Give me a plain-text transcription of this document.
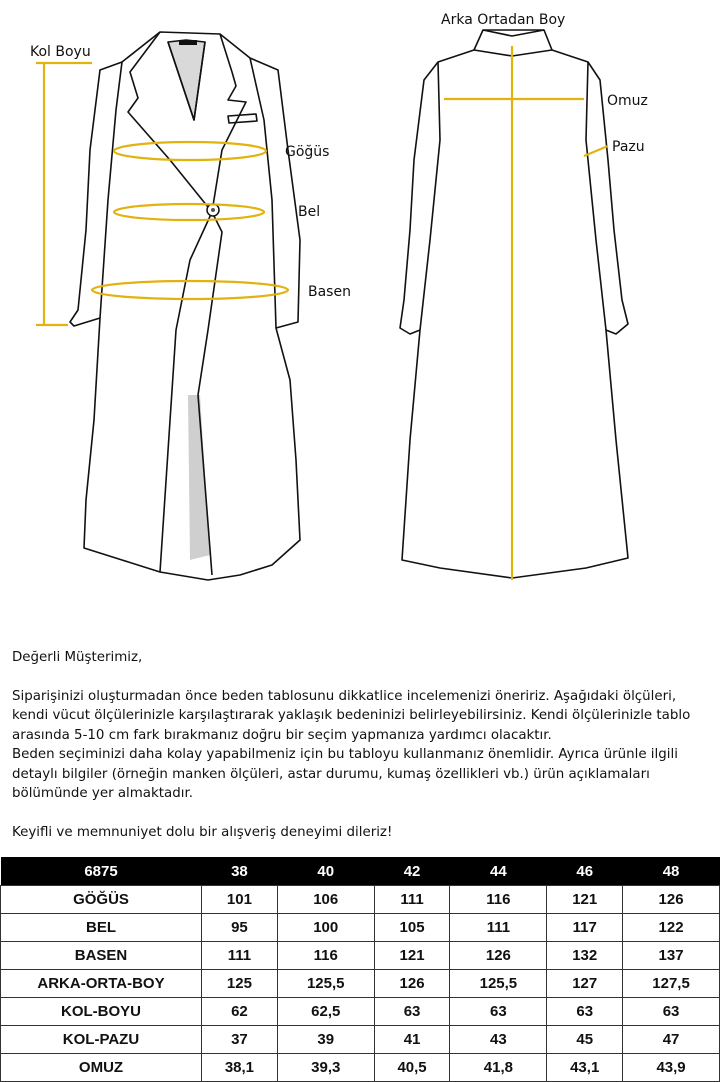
Kol Boyu
Göğüs
Bel
Basen
Arka Ortadan Boy
Omuz
Pazu

Değerli Müşterimiz,

Siparişinizi oluşturmadan önce beden tablosunu dikkatlice incelemenizi öneririz. Aşağıdaki ölçüleri, kendi vücut ölçülerinizle karşılaştırarak yaklaşık bedeninizi belirleyebilirsiniz. Kendi ölçülerinizle tablo arasında 5-10 cm fark bırakmanız doğru bir seçim yapmanıza yardımcı olacaktır.

Beden seçiminizi daha kolay yapabilmeniz için bu tabloyu kullanmanız önemlidir. Ayrıca ürünle ilgili detaylı bilgiler (örneğin manken ölçüleri, astar durumu, kumaş özellikleri vb.) ürün açıklamaları bölümünde yer almaktadır.

Keyifli ve memnuniyet dolu bir alışveriş deneyimi dileriz!

6875	38	40	42	44	46	48
GÖĞÜS	101	106	111	116	121	126
BEL	95	100	105	111	117	122
BASEN	111	116	121	126	132	137
ARKA-ORTA-BOY	125	125,5	126	125,5	127	127,5
KOL-BOYU	62	62,5	63	63	63	63
KOL-PAZU	37	39	41	43	45	47
OMUZ	38,1	39,3	40,5	41,8	43,1	43,9
